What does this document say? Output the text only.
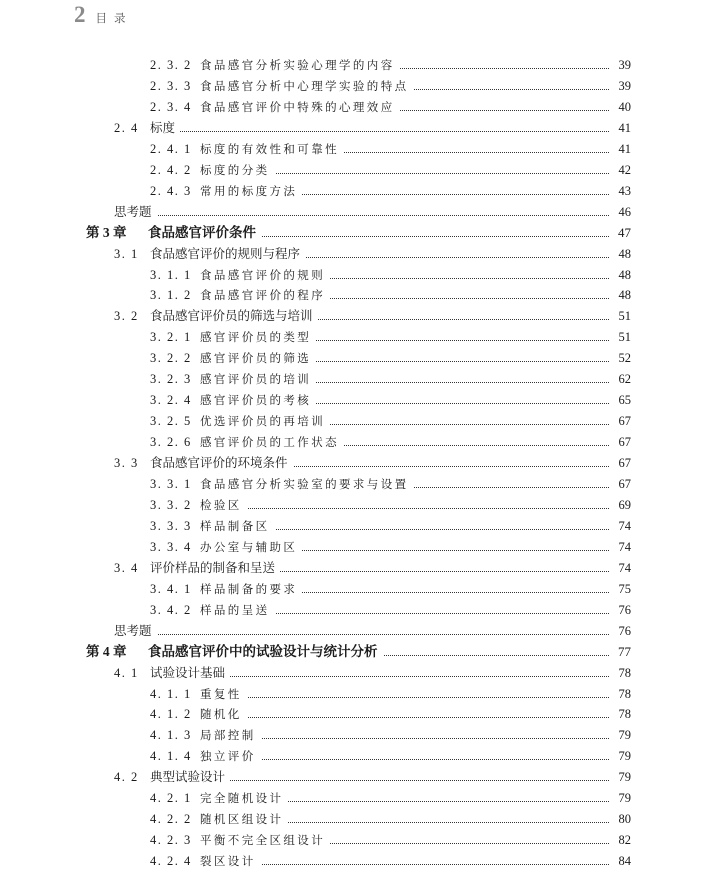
2 目录
2. 3. 2 食品感官分析实验心理学的内容	39
2. 3. 3 食品感官分析中心理学实验的特点	39
2. 3. 4 食品感官评价中特殊的心理效应	40
2. 4 标度	41
2. 4. 1 标度的有效性和可靠性	41
2. 4. 2 标度的分类	42
2. 4. 3 常用的标度方法	43
思考题	46
第 3 章	食品感官评价条件	47
3. 1 食品感官评价的规则与程序	48
3. 1. 1 食品感官评价的规则	48
3. 1. 2 食品感官评价的程序	48
3. 2 食品感官评价员的筛选与培训	51
3. 2. 1 感官评价员的类型	51
3. 2. 2 感官评价员的筛选	52
3. 2. 3 感官评价员的培训	62
3. 2. 4 感官评价员的考核	65
3. 2. 5 优选评价员的再培训	67
3. 2. 6 感官评价员的工作状态	67
3. 3 食品感官评价的环境条件	67
3. 3. 1 食品感官分析实验室的要求与设置	67
3. 3. 2 检验区	69
3. 3. 3 样品制备区	74
3. 3. 4 办公室与辅助区	74
3. 4 评价样品的制备和呈送	74
3. 4. 1 样品制备的要求	75
3. 4. 2 样品的呈送	76
思考题	76
第 4 章	食品感官评价中的试验设计与统计分析	77
4. 1 试验设计基础	78
4. 1. 1 重复性	78
4. 1. 2 随机化	78
4. 1. 3 局部控制	79
4. 1. 4 独立评价	79
4. 2 典型试验设计	79
4. 2. 1 完全随机设计	79
4. 2. 2 随机区组设计	80
4. 2. 3 平衡不完全区组设计	82
4. 2. 4 裂区设计	84
